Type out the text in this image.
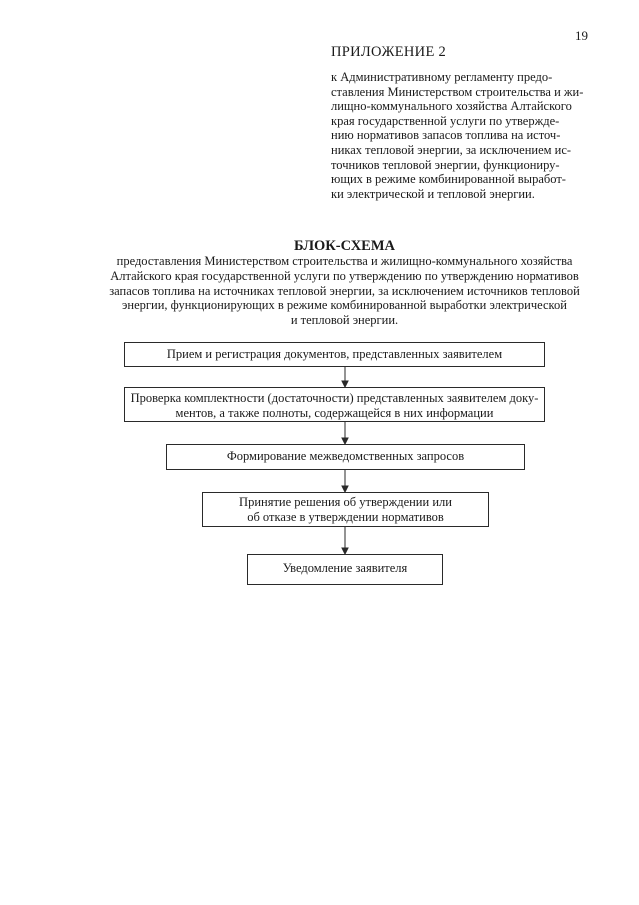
19
ПРИЛОЖЕНИЕ 2
к Административному регламенту предо-
ставления Министерством строительства и жи-
лищно-коммунального хозяйства Алтайского
края государственной услуги по утвержде-
нию нормативов запасов топлива на источ-
никах тепловой энергии, за исключением ис-
точников тепловой энергии, функциониру-
ющих в режиме комбинированной выработ-
ки электрической и тепловой энергии.
БЛОК-СХЕМА
предоставления Министерством строительства и жилищно-коммунального хозяйства
Алтайского края государственной услуги по утверждению по утверждению нормативов
запасов топлива на источниках тепловой энергии, за исключением источников тепловой
энергии, функционирующих в режиме комбинированной выработки электрической
и тепловой энергии.
Прием и регистрация документов, представленных заявителем
Проверка комплектности (достаточности) представленных заявителем доку-
ментов, а также полноты, содержащейся в них информации
Формирование межведомственных запросов
Принятие решения об утверждении или
об отказе в утверждении нормативов
Уведомление заявителя
